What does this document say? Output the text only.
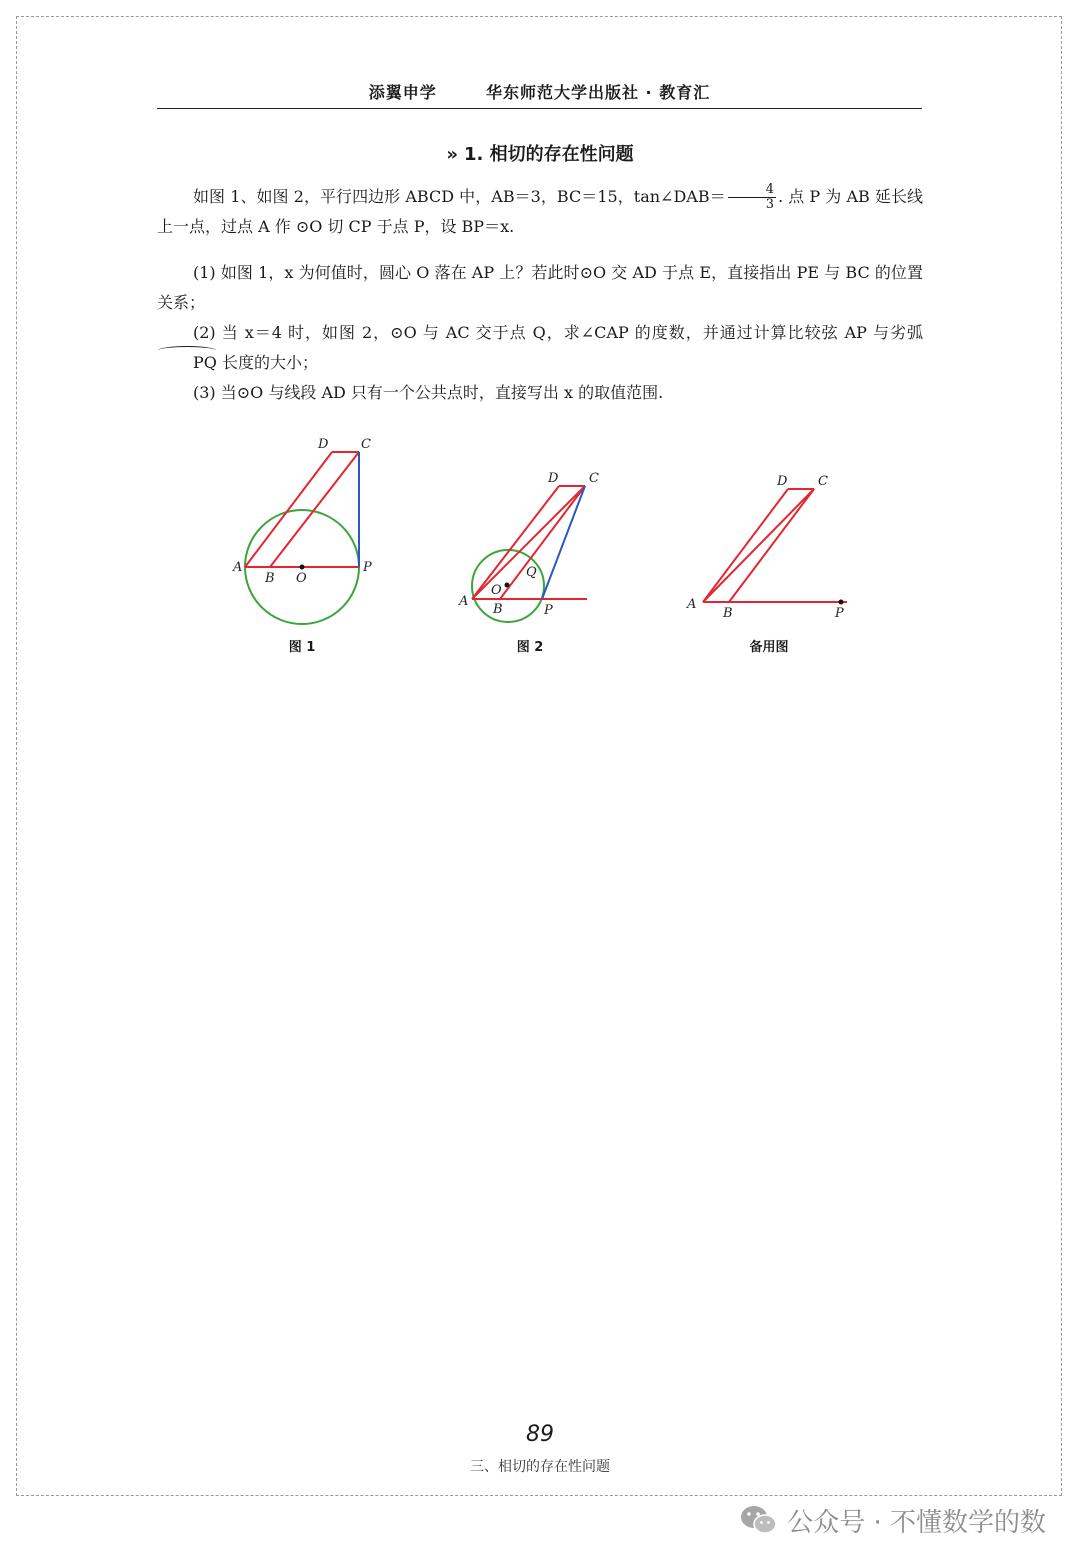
添翼申学	华东师范大学出版社 · 教育汇
» 1. 相切的存在性问题
如图 1、如图 2，平行四边形 ABCD 中，AB＝3，BC＝15，tan∠DAB＝ $\frac{4}{3}$ . 点 P 为 AB 延长线上一点，过点 A 作 ⊙O 切 CP 于点 P，设 BP＝x.
(1) 如图 1，x 为何值时，圆心 O 落在 AP 上？若此时⊙O 交 AD 于点 E，直接指出 PE 与 BC 的位置关系；
(2) 当 x＝4 时，如图 2，⊙O 与 AC 交于点 Q，求∠CAP 的度数，并通过计算比较弦 AP 与劣弧PQ 长度的大小；
(3) 当⊙O 与线段 AD 只有一个公共点时，直接写出 x 的取值范围.
A
B O
P
D	C
图 1
A
B
O
P
Q
D C
图 2
A
B	P
D C
备用图
89
三、相切的存在性问题
公众号 · 不懂数学的数
